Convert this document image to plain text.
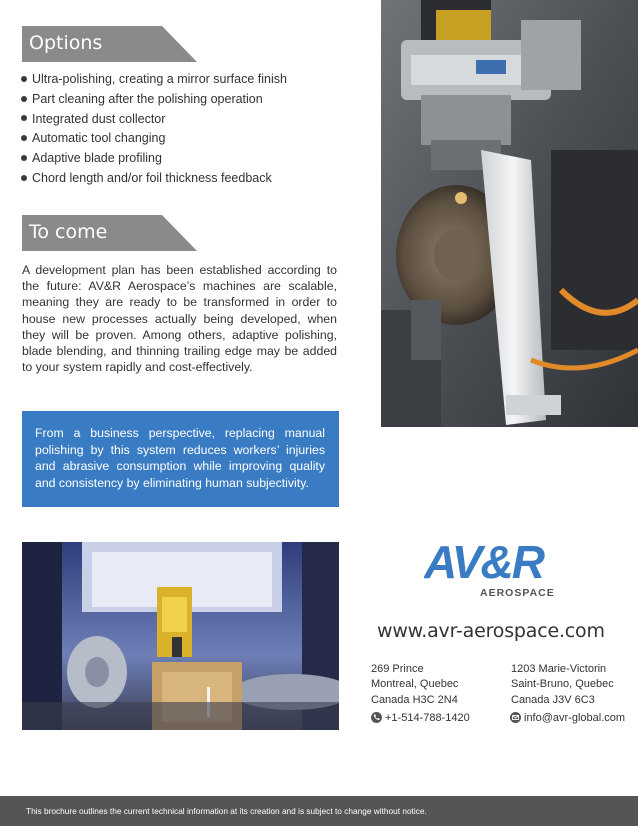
Options
Ultra-polishing, creating a mirror surface finish
Part cleaning after the polishing operation
Integrated dust collector
Automatic tool changing
Adaptive blade profiling
Chord length and/or foil thickness feedback
To come
A development plan has been established according to the future: AV&R Aerospace’s machines are scalable, meaning they are ready to be transformed in order to house new processes actually being developed, when they will be proven. Among others, adaptive polishing, blade blending, and thinning trailing edge may be added to your system rapidly and cost-effectively.

From a business perspective, replacing manual polishing by this system reduces workers’ injuries and abrasive consumption while improving quality and consistency by eliminating human subjectivity.

AV&R
AEROSPACE
www.avr-aerospace.com
269 Prince
Montreal, Quebec
Canada H3C 2N4
1203 Marie-Victorin
Saint-Bruno, Quebec
Canada J3V 6C3
+1-514-788-1420	info@avr-global.com
This brochure outlines the current technical information at its creation and is subject to change without notice.
